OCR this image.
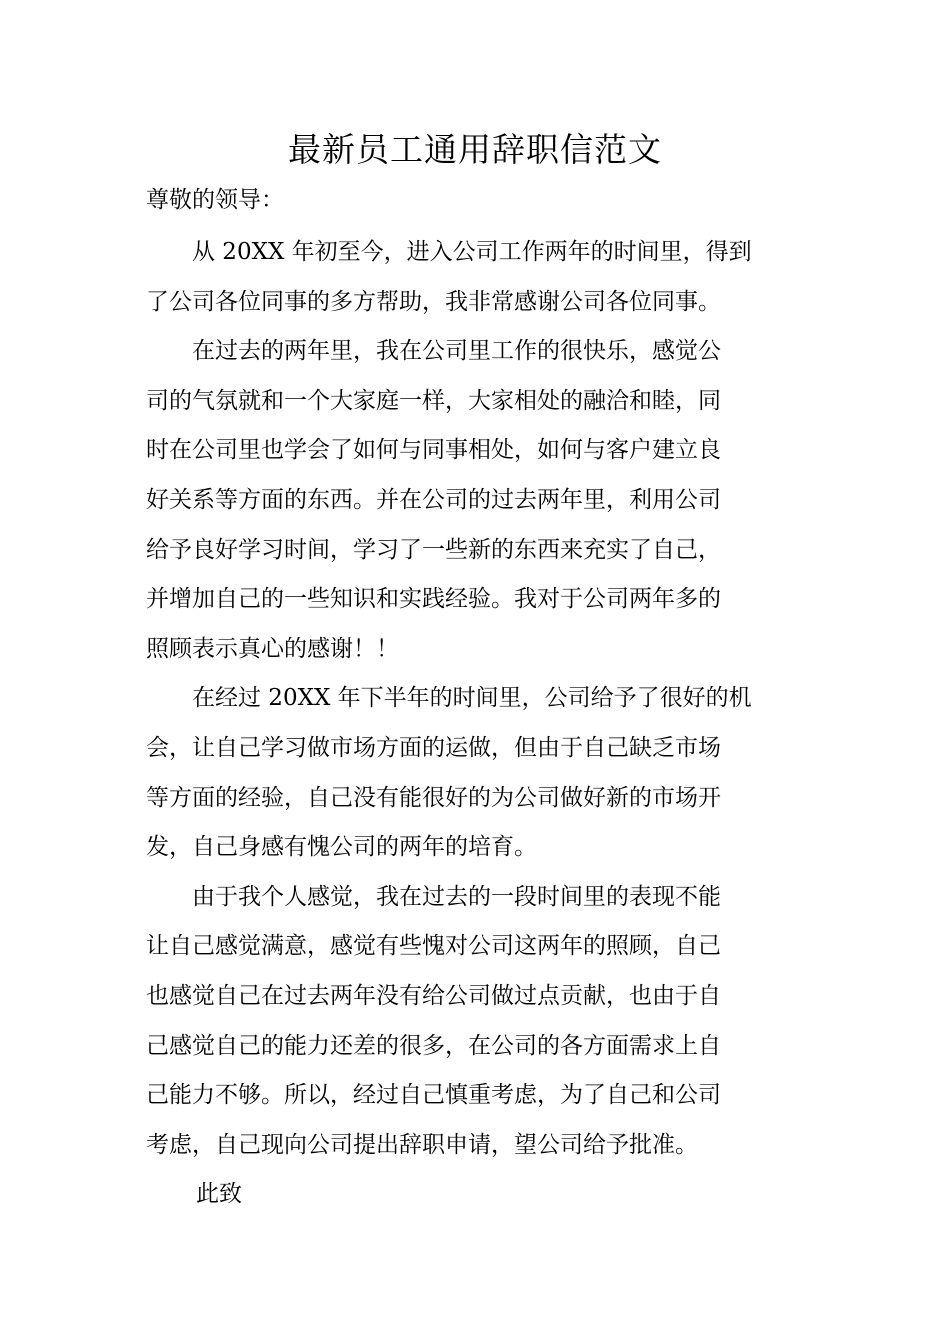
最新员工通用辞职信范文

尊敬的领导：

从 20XX 年初至今，进入公司工作两年的时间里，得到
了公司各位同事的多方帮助，我非常感谢公司各位同事。

在过去的两年里，我在公司里工作的很快乐，感觉公
司的气氛就和一个大家庭一样，大家相处的融洽和睦，同
时在公司里也学会了如何与同事相处，如何与客户建立良
好关系等方面的东西。并在公司的过去两年里，利用公司
给予良好学习时间，学习了一些新的东西来充实了自己，
并增加自己的一些知识和实践经验。我对于公司两年多的
照顾表示真心的感谢！！

在经过 20XX 年下半年的时间里，公司给予了很好的机
会，让自己学习做市场方面的运做，但由于自己缺乏市场
等方面的经验，自己没有能很好的为公司做好新的市场开
发，自己身感有愧公司的两年的培育。

由于我个人感觉，我在过去的一段时间里的表现不能
让自己感觉满意，感觉有些愧对公司这两年的照顾，自己
也感觉自己在过去两年没有给公司做过点贡献，也由于自
己感觉自己的能力还差的很多，在公司的各方面需求上自
己能力不够。所以，经过自己慎重考虑，为了自己和公司
考虑，自己现向公司提出辞职申请，望公司给予批准。

此致
